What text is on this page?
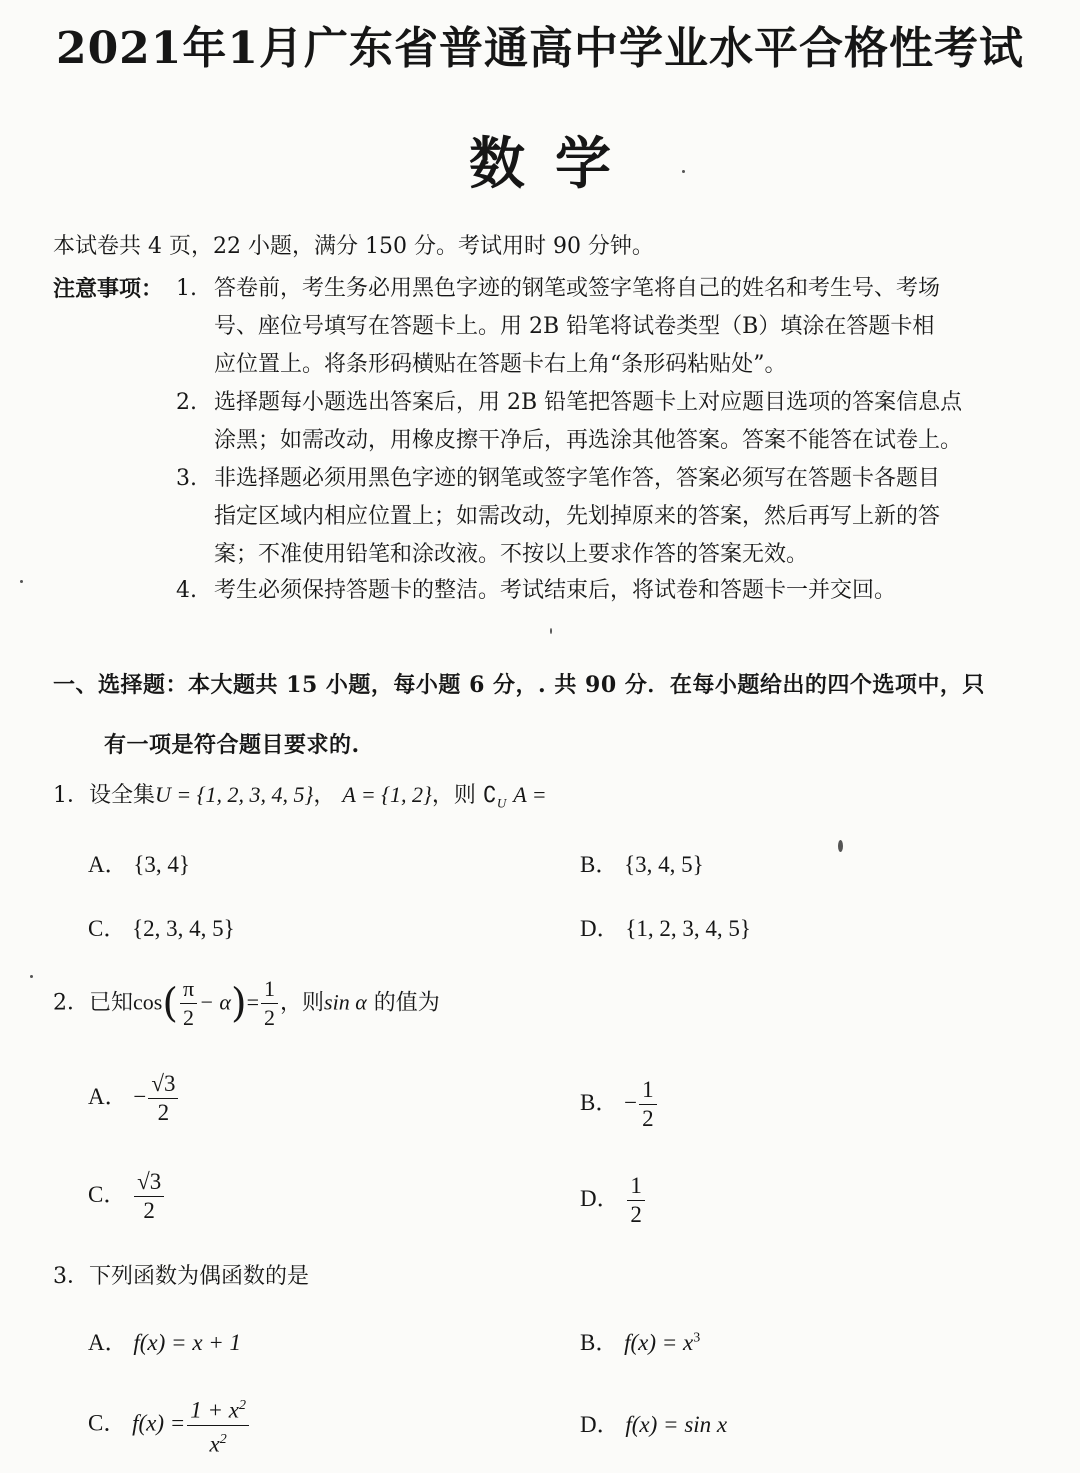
2021年1月广东省普通高中学业水平合格性考试
数学
本试卷共 4 页，22 小题，满分 150 分。考试用时 90 分钟。
注意事项： 1. 答卷前，考生务必用黑色字迹的钢笔或签字笔将自己的姓名和考生号、考场
号、座位号填写在答题卡上。用 2B 铅笔将试卷类型（B）填涂在答题卡相
应位置上。将条形码横贴在答题卡右上角“条形码粘贴处”。
2. 选择题每小题选出答案后，用 2B 铅笔把答题卡上对应题目选项的答案信息点
涂黑；如需改动，用橡皮擦干净后，再选涂其他答案。答案不能答在试卷上。
3. 非选择题必须用黑色字迹的钢笔或签字笔作答，答案必须写在答题卡各题目
指定区域内相应位置上；如需改动，先划掉原来的答案，然后再写上新的答
案；不准使用铅笔和涂改液。不按以上要求作答的答案无效。
4. 考生必须保持答题卡的整洁。考试结束后，将试卷和答题卡一并交回。
一、选择题：本大题共 15 小题，每小题 6 分，. 共 90 分．在每小题给出的四个选项中，只
有一项是符合题目要求的.
1．设全集U = {1, 2, 3, 4, 5}， A = {1, 2}，则 $∁_U$ A =
A． {3, 4}	B． {3, 4, 5}
C． {2, 3, 4, 5}	D． {1, 2, 3, 4, 5}
2．已知$\cos( \frac{\pi}{2} - \alpha)= \frac{1}{2}$ ，则sin α 的值为
A． − $\frac{√3}{2}$	B． − $\frac{1}{2}$
C． $\frac{√3}{2}$	D． $\frac{1}{2}$
3．下列函数为偶函数的是
A． f(x) = x + 1	B． $f(x) = x^3$
C． $f(x) = \frac{1 + x^2}{x^2}$	D． f(x) = sin x
